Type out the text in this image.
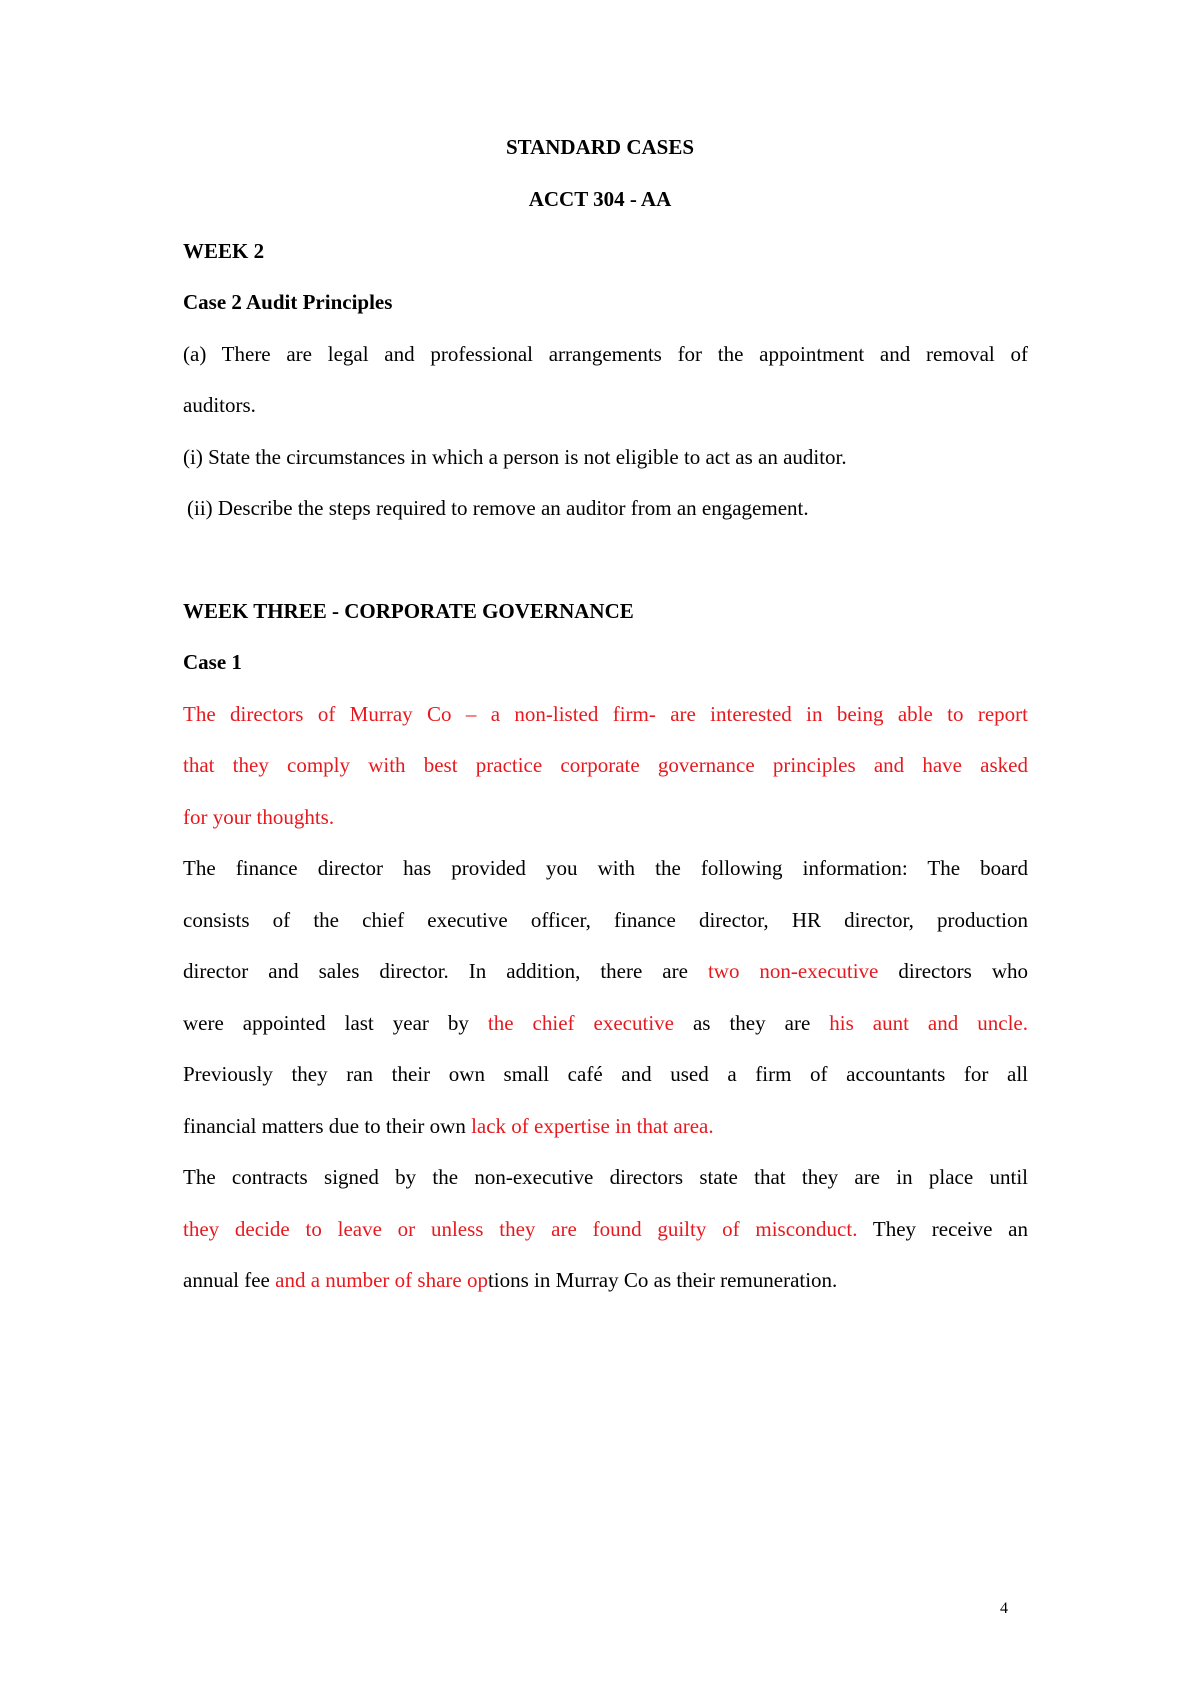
STANDARD CASES
ACCT 304 - AA
WEEK 2
Case 2 Audit Principles
(a) There are legal and professional arrangements for the appointment and removal of
auditors.
(i) State the circumstances in which a person is not eligible to act as an auditor.
(ii) Describe the steps required to remove an auditor from an engagement.
WEEK THREE - CORPORATE GOVERNANCE
Case 1
The directors of Murray Co – a non-listed firm- are interested in being able to report
that they comply with best practice corporate governance principles and have asked
for your thoughts.
The finance director has provided you with the following information: The board
consists of the chief executive officer, finance director, HR director, production
director and sales director. In addition, there are two non-executive directors who
were appointed last year by the chief executive as they are his aunt and uncle.
Previously they ran their own small café and used a firm of accountants for all
financial matters due to their own lack of expertise in that area.
The contracts signed by the non-executive directors state that they are in place until
they decide to leave or unless they are found guilty of misconduct. They receive an
annual fee and a number of share options in Murray Co as their remuneration.
4
